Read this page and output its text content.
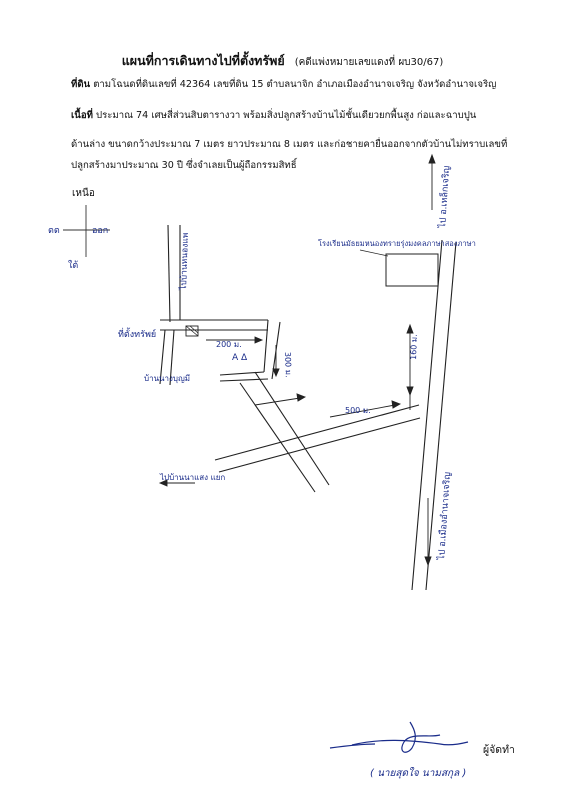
แผนที่การเดินทางไปที่ตั้งทรัพย์ (คดีแพ่งหมายเลขแดงที่ ผบ30/67)
ที่ดิน ตามโฉนดที่ดินเลขที่ 42364 เลขที่ดิน 15 ตำบลนาจิก อำเภอเมืองอำนาจเจริญ จังหวัดอำนาจเจริญ
เนื้อที่ ประมาณ 74 เศษสี่ส่วนสิบตารางวา พร้อมสิ่งปลูกสร้างบ้านไม้ชั้นเดียวยกพื้นสูง ก่อและฉาบปูน
ด้านล่าง ขนาดกว้างประมาณ 7 เมตร ยาวประมาณ 8 เมตร และก่อชายคายื่นออกจากตัวบ้านไม่ทราบเลขที่
ปลูกสร้างมาประมาณ 30 ปี ซึ่งจำเลยเป็นผู้ถือกรรมสิทธิ์
เหนือ
ตต	ออก
ใต้
ไป อ.เหล็กเจริญ
ไป อ.เมืองอำนาจเจริญ
โรงเรียนมัธยมหนองทรายรุ่งมงคลภาษาสองภาษา
ไปบ้านหนองแพ
ที่ตั้งทรัพย์
200 ม.
300 ม.
500 ม.
160 ม.
A Δ
บ้านนางบุญมี
ไปบ้านนาแสง แยก
ผู้จัดทำ
( นายสุดใจ นามสกุล )
